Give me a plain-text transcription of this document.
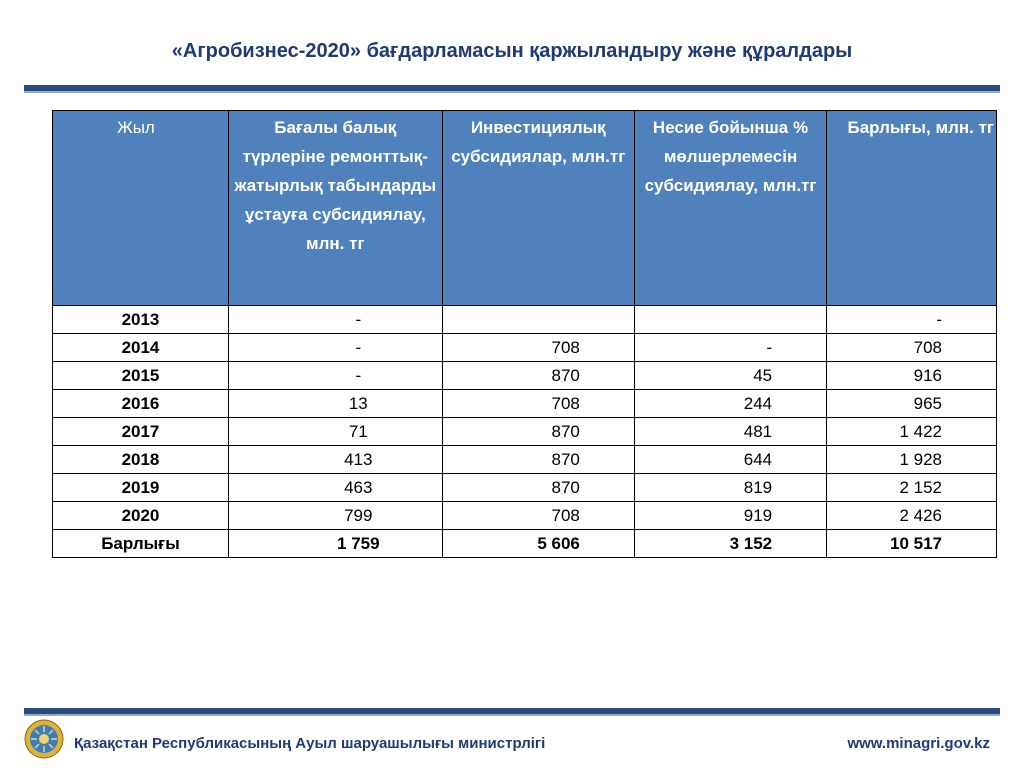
«Агробизнес-2020» бағдарламасын қаржыландыру және құралдары
Жыл	Бағалы балық түрлеріне ремонттық-жатырлық табындарды ұстауға субсидиялау, млн. тг	Инвестициялық субсидиялар, млн.тг	Несие бойынша % мөлшерлемесін субсидиялау, млн.тг	Барлығы, млн. тг
2013	-			-
2014	-	708	-	708
2015	-	870	45	916
2016	13	708	244	965
2017	71	870	481	1 422
2018	413	870	644	1 928
2019	463	870	819	2 152
2020	799	708	919	2 426
Барлығы	1 759	5 606	3 152	10 517
Қазақстан Республикасының Ауыл шаруашылығы министрлігі	www.minagri.gov.kz
